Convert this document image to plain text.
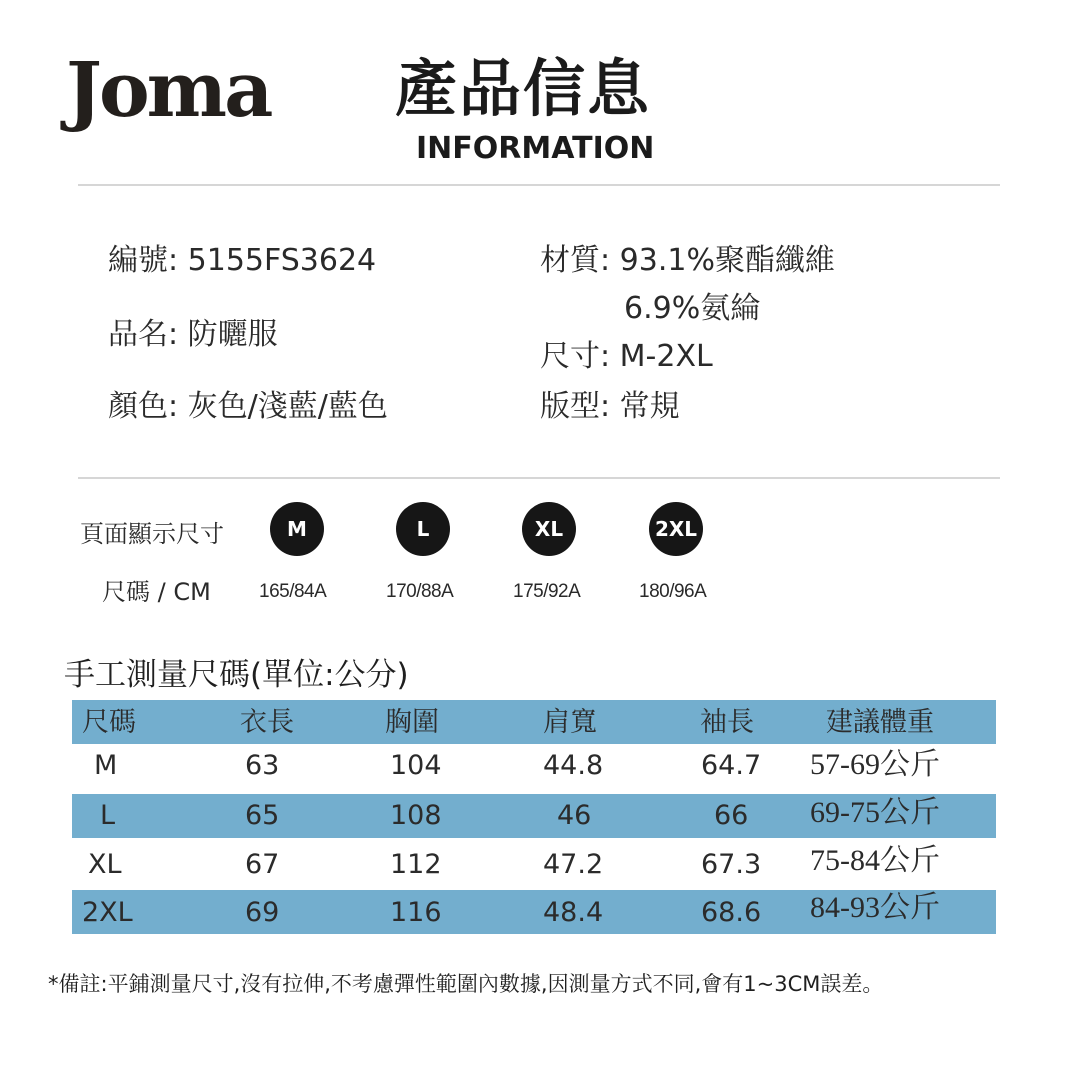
Joma 產品信息
INFORMATION
編號: 5155FS3624
品名: 防曬服
顏色: 灰色/淺藍/藍色
材質: 93.1%聚酯纖維
6.9%氨綸
尺寸: M-2XL
版型: 常規
頁面顯示尺寸
尺碼 / CM
M	L	XL	2XL
165/84A	170/88A	175/92A	180/96A
手工測量尺碼(單位:公分)
尺碼	衣長	胸圍	肩寬	袖長	建議體重
M	63	104	44.8	64.7 57-69公斤
L	65	108	46	66 69-75公斤
XL	67	112	47.2	67.3 75-84公斤
2XL	69	116	48.4	68.6 84-93公斤
*備註:平鋪測量尺寸,沒有拉伸,不考慮彈性範圍內數據,因測量方式不同,會有1~3CM誤差。
